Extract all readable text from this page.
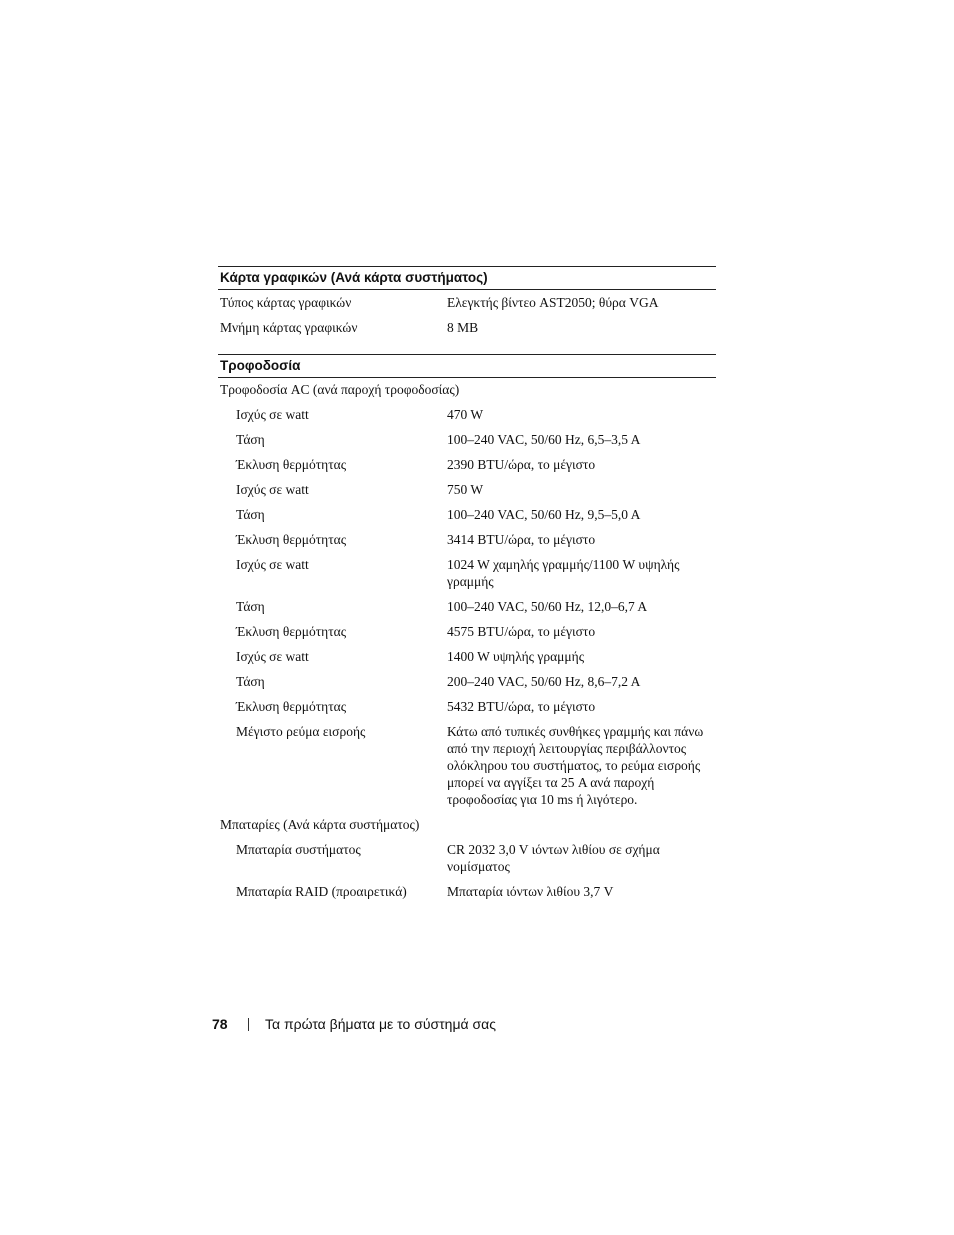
Κάρτα γραφικών (Ανά κάρτα συστήματος)
Τύπος κάρτας γραφικών	Ελεγκτής βίντεο AST2050; θύρα VGA
Μνήμη κάρτας γραφικών	8 MB
Τροφοδοσία
Τροφοδοσία AC (ανά παροχή τροφοδοσίας)
Ισχύς σε watt	470 W
Τάση	100–240 VAC, 50/60 Hz, 6,5–3,5 A
Έκλυση θερμότητας	2390 BTU/ώρα, το μέγιστο
Ισχύς σε watt	750 W
Τάση	100–240 VAC, 50/60 Hz, 9,5–5,0 A
Έκλυση θερμότητας	3414 BTU/ώρα, το μέγιστο
Ισχύς σε watt	1024 W χαμηλής γραμμής/1100 W υψηλής γραμμής
Τάση	100–240 VAC, 50/60 Hz, 12,0–6,7 A
Έκλυση θερμότητας	4575 BTU/ώρα, το μέγιστο
Ισχύς σε watt	1400 W υψηλής γραμμής
Τάση	200–240 VAC, 50/60 Hz, 8,6–7,2 A
Έκλυση θερμότητας	5432 BTU/ώρα, το μέγιστο
Μέγιστο ρεύμα εισροής	Κάτω από τυπικές συνθήκες γραμμής και πάνω από την περιοχή λειτουργίας περιβάλλοντος ολόκληρου του συστήματος, το ρεύμα εισροής μπορεί να αγγίξει τα 25 A ανά παροχή τροφοδοσίας για 10 ms ή λιγότερο.
Μπαταρίες (Ανά κάρτα συστήματος)
Μπαταρία συστήματος	CR 2032 3,0 V ιόντων λιθίου σε σχήμα νομίσματος
Μπαταρία RAID (προαιρετικά)	Μπαταρία ιόντων λιθίου 3,7 V
78	Τα πρώτα βήματα με το σύστημά σας
